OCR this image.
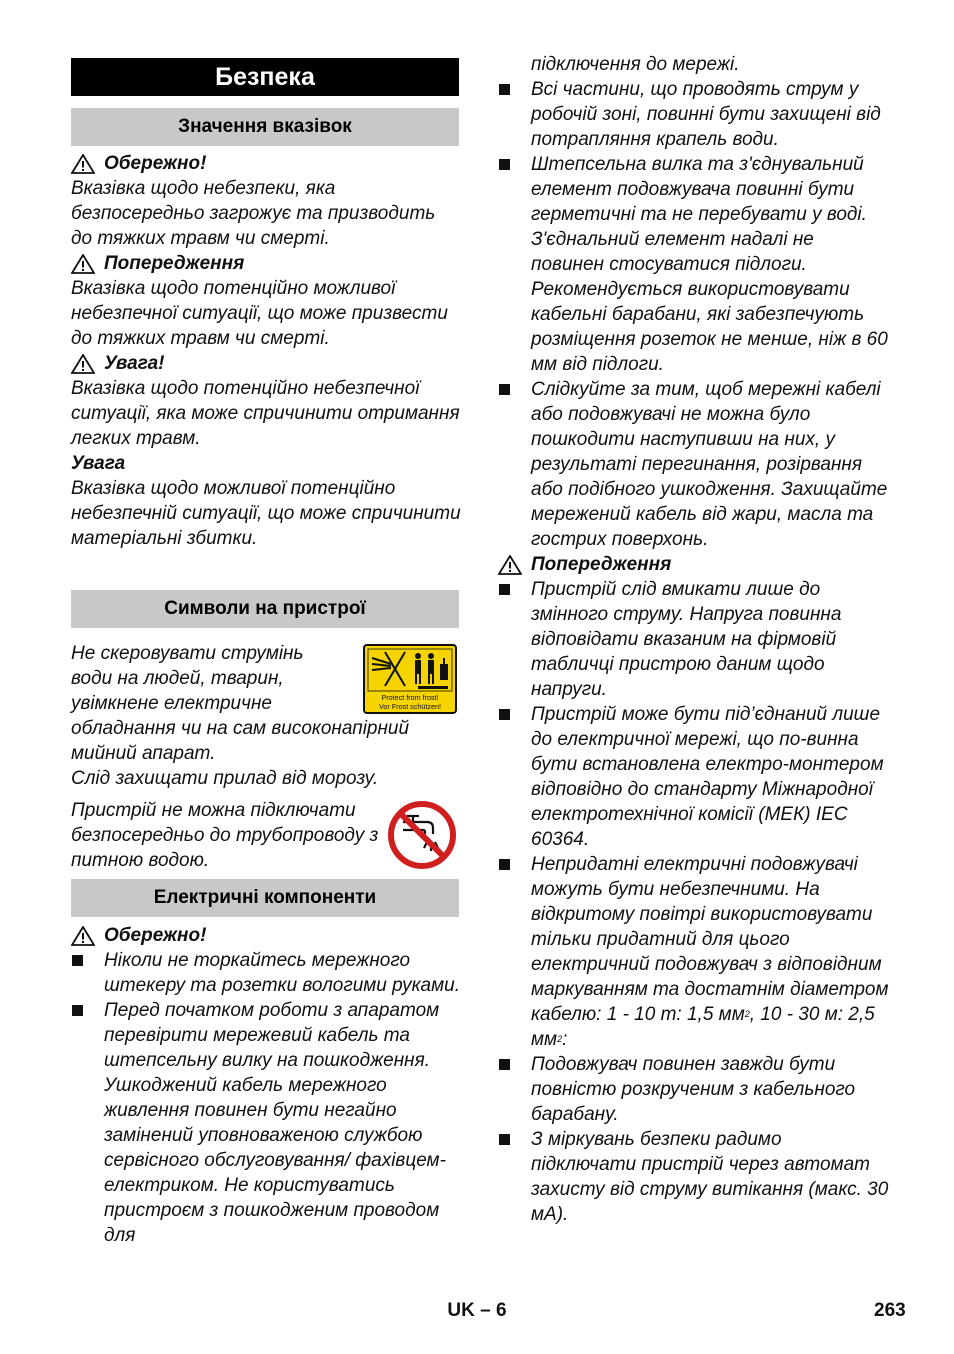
Безпека
Значення вказівок
Символи на пристрої
Електричні компоненти
Обережно!

Вказівка щодо небезпеки, яка безпосередньо загрожує та призводить до тяжких травм чи смерті.

Попередження

Вказівка щодо потенційно можливої небезпечної ситуації, що може призвести до тяжких травм чи смерті.

Увага!

Вказівка щодо потенційно небезпечної ситуації, яка може спричинити отримання легких травм.

Увага

Вказівка щодо можливої потенційно небезпечній ситуації, що може спричинити матеріальні збитки.

Не скеровувати струмінь
води на людей, тварин,
увімкнене електричне

обладнання чи на сам високонапірний
мийний апарат.

Слід захищати прилад від морозу.

Protect from frost!
Vor Frost schützen!
Пристрій не можна підключати безпосередньо до трубопроводу з питною водою.
Обережно!
Ніколи не торкайтесь мережного штекеру та розетки вологими руками.
Перед початком роботи з апаратом перевірити мережевий кабель та штепсельну вилку на пошкодження. Ушкоджений кабель мережного живлення повинен бути негайно замінений уповноваженою службою сервісного обслуговування/ фахівцем-електриком. Не користуватись пристроєм з пошкодженим проводом для
підключення до мережі.
Всі частини, що проводять струм у робочій зоні, повинні бути захищені від потрапляння крапель води.
Штепсельна вилка та з'єднувальний елемент подовжувача повинні бути герметичні та не перебувати у воді. З'єднальний елемент надалі не повинен стосуватися підлоги. Рекомендується використовувати кабельні барабани, які забезпечують розміщення розеток не менше, ніж в 60 мм від підлоги.
Слідкуйте за тим, щоб мережні кабелі або подовжувачі не можна було пошкодити наступивши на них, у результаті перегинання, розірвання або подібного ушкодження. Захищайте мережений кабель від жари, масла та гострих поверхонь.
Попередження
Пристрій слід вмикати лише до змінного струму. Напруга повинна відповідати вказаним на фірмовій табличці пристрою даним щодо напруги.
Пристрій може бути під’єднаний лише до електричної мережі, що по-винна бути встановлена електро-монтером відповідно до стандарту Міжнародної електротехнічної комісії (МЕК) IEC 60364.
Непридатні електричні подовжувачі можуть бути небезпечними. На відкритому повітрі використовувати тільки придатний для цього електричний подовжувач з відповідним маркуванням та достатнім діаметром кабелю: 1 - 10 m: 1,5 $мм^2$, 10 - 30 м: 2,5 $мм^2$:
Подовжувач повинен завжди бути повністю розкрученим з кабельного барабану.
З міркувань безпеки радимо підключати пристрій через автомат захисту від струму витікання (макс. 30 мА).
UK – 6	263
